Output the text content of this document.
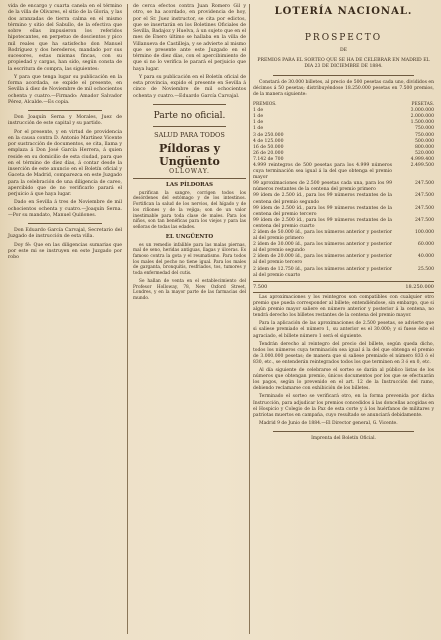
vida de encargo y cuarta canela en el término de la villa de Olivares, el sitio de la Gloria, y las dos aranzadas de tierra calma en el mismo término y sitio del Sabullo, de la efectiva que sobre ellas impusieron los referidos hipotecantes, en perpetuo de doscientos y pico mil reales que ha satisfecho don Manuel Rodríguez y dos herederos, mandado por sus sucesores, estas mismas fincas, con su propiedad y cargas, han sido, según consta de la escritura de compra, las siguientes:

Y para que tenga lugar su publicación en la forma acordada, se expide el presente, en Sevilla á diez de Noviembre de mil ochocientos ochenta y cuatro.—Firmado: Amador Salvador Pérez, Alcalde.—Es copia.

Don Joaquín Serna y Morales, Juez de instrucción de este capital y su partido.

Por el presente, y en virtud de providencia en la causa contra D. Antonio Martínez Vicente por sustracción de documentos, se cita, llama y emplaza á Don José García Herrera, á quien reside en su domicilio de esta ciudad, para que en el término de diez días, á contar desde la inserción de este anuncio en el Boletín oficial y Gaceta de Madrid, comparezca en este Juzgado para la celebración de una diligencia de careo, apercibido que de no verificarlo parará el perjuicio á que haya lugar.

Dado en Sevilla á tres de Noviembre de mil ochocientos ochenta y cuatro.—Joaquín Serna.—Por su mandato, Manuel Quiñones.

Don Eduardo García Carvajal, Secretario del Juzgado de instrucción de esta villa.

Doy fé: Que en las diligencias sumarias que por este mi se instruyen en este Juzgado por robo

de cerca efectos contra Juan Romero Gil y otro, se ha acordado, en providencia de hoy, por el Sr. Juez instructor, se cita por edictos, que se insertarán en los Boletines Oficiales de Sevilla, Badajoz y Huelva, á un sujeto que en el mes de Enero último se hallaba en la villa de Villanueva de Castilleja, y se advierte al mismo que se presente ante este Juzgado en el término de diez días, con el apercibimiento de que si no lo verifica le parará el perjuicio que haya lugar.

Y para su publicación en el Boletín oficial de esta provincia, expido el presente en Sevilla á cinco de Noviembre de mil ochocientos ochenta y cuatro.—Eduardo García Carvajal.

Parte no oficial.
SALUD PARA TODOS
Píldoras y Ungüento
OLLOWAY.
LAS PÍLDORAS

purifican la sangre, corrigen todos los desórdenes del estómago y de los intestinos. Fortifican la salud de los nervios, del hígado y de los riñones y de la vejiga; son de un valor inestimable para toda clase de males. Para los niños, son tan benéficas para los viejos y para las señoras de todas las edades.

EL UNGÜENTO

es un remedio infalible para las malas piernas, mal de seno, heridas antiguas, llagas y úlceras. Es famoso contra la gota y el reumatismo. Para todos los males del pecho no tiene igual. Para los males de garganta, bronquitis, resfriados, tos, tumores y toda enfermedad del cutis.

Se hallan de venta en el establecimiento del Profesor Holloway, 78, New Oxford Street, Londres, y en la mayor parte de las farmacias del mundo.

LOTERÍA NACIONAL.
PROSPECTO
DE
PREMIOS PARA EL SORTEO QUE SE HA DE CELEBRAR EN MADRID EL DIA 23 DE DICIEMBRE DE 1884.

Constará de 30.000 billetes, al precio de 500 pesetas cada uno, divididos en décimos á 50 pesetas; distribuyéndose 18.250.000 pesetas en 7.500 premios, de la manera siguiente:

PREMIOS.	PESETAS.
1 de	3.000.000
1 de	2.000.000
1 de	1.500.000
1 de	750.000
3 de 250.000	750.000
4 de 125.000	500.000
16 de 50.000	800.000
26 de 20.000	520.000
7.142 de 700	4.999.400
4.999 reintegros de 500 pesetas para los 4.999 números cuya terminación sea igual á la del que obtenga el premio mayor	2.499.500
99 aproximaciones de 2.500 pesetas cada una, para los 99 números restantes de la centena del premio primero	247.500
99 ídem de 2.500 íd., para los 99 números restantes de la centena del premio segundo	247.500
99 ídem de 2.500 íd., para los 99 números restantes de la centena del premio tercero	247.500
99 ídem de 2.500 íd., para los 99 números restantes de la centena del premio cuarto	247.500
2 ídem de 50.000 íd., para los números anterior y posterior al del premio primero	100.000
2 ídem de 30.000 íd., para los números anterior y posterior al del premio segundo	60.000
2 ídem de 20.000 íd., para los números anterior y posterior al del premio tercero	40.000
2 ídem de 12.750 íd., para los números anterior y posterior al del premio cuarto	25.500
7.500	18.250.000

Las aproximaciones y los reintegros son compatibles con cualquier otro premio que pueda corresponder al billete; entendiéndose, sin embargo, que si algún premio mayor saliere en número anterior y posterior á la centena, no tendrá derecho los billetes restantes de la centena del premio mayor.

Para la aplicación de las aproximaciones de 2.500 pesetas, se advierte que si saliese premiado el número 1, su anterior es el 30.000; y si fuese éste el agraciado, el billete número 1 será el siguiente.

Tendrán derecho al reintegro del precio del billete, según queda dicho, todos los números cuya terminación sea igual á la del que obtenga el premio de 3.000.000 pesetas; de manera que si saliese premiado el número 833 ó el 830, etc., se entenderán reintegrados todos los que terminen en 3 ó en 0, etc.

Al día siguiente de celebrarse el sorteo se darán al público listas de los números que obtengan premio, únicos documentos por los que se efectuarán los pagos, según lo prevenido en el art. 12 de la Instrucción del ramo, debiendo reclamarse con exhibición de los billetes.

Terminado el sorteo se verificará otro, en la forma prevenida por dicha Instrucción, para adjudicar los premios concedidos á las doncellas acogidas en el Hospicio y Colegio de la Paz de esta corte y á los huérfanos de militares y patriotas muertos en campaña, cuyo resultado se anunciará debidamente.

Madrid 9 de Junio de 1884.—El Director general, G. Vicente.

Imprenta del Boletín Oficial.
